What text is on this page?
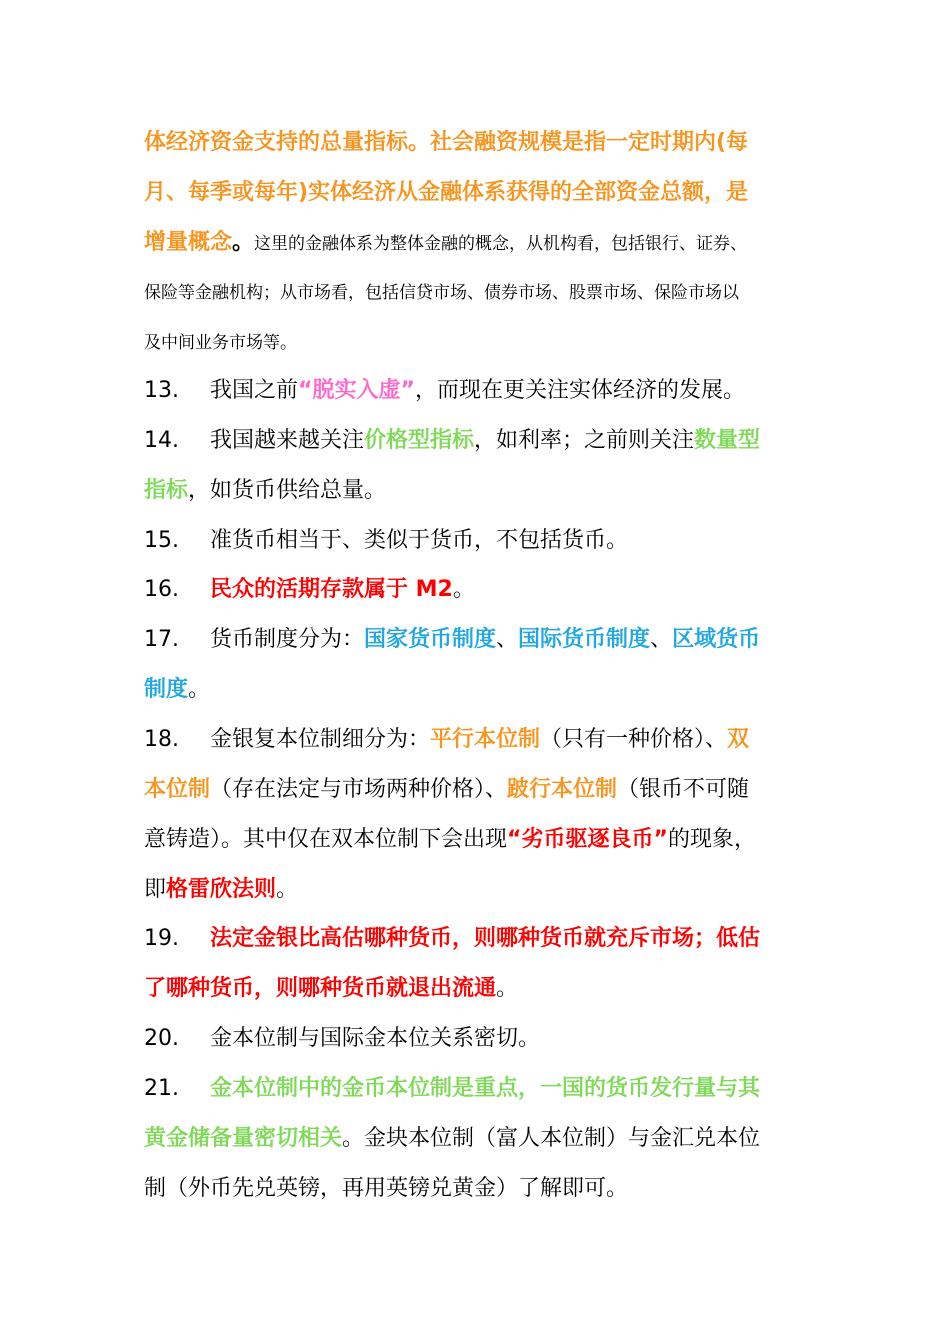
体经济资金支持的总量指标。社会融资规模是指一定时期内(每
月、每季或每年)实体经济从金融体系获得的全部资金总额，是
增量概念。这里的金融体系为整体金融的概念，从机构看，包括银行、证券、
保险等金融机构；从市场看，包括信贷市场、债券市场、股票市场、保险市场以
及中间业务市场等。
13. 我国之前“脱实入虚”，而现在更关注实体经济的发展。
14. 我国越来越关注价格型指标，如利率；之前则关注数量型
指标，如货币供给总量。
15. 准货币相当于、类似于货币，不包括货币。
16. 民众的活期存款属于 M2。
17. 货币制度分为：国家货币制度、国际货币制度、区域货币
制度。
18. 金银复本位制细分为：平行本位制（只有一种价格）、双
本位制（存在法定与市场两种价格）、跛行本位制（银币不可随
意铸造）。其中仅在双本位制下会出现“劣币驱逐良币”的现象，
即格雷欣法则。
19. 法定金银比高估哪种货币，则哪种货币就充斥市场；低估
了哪种货币，则哪种货币就退出流通。
20. 金本位制与国际金本位关系密切。
21. 金本位制中的金币本位制是重点，一国的货币发行量与其
黄金储备量密切相关。金块本位制（富人本位制）与金汇兑本位
制（外币先兑英镑，再用英镑兑黄金）了解即可。
